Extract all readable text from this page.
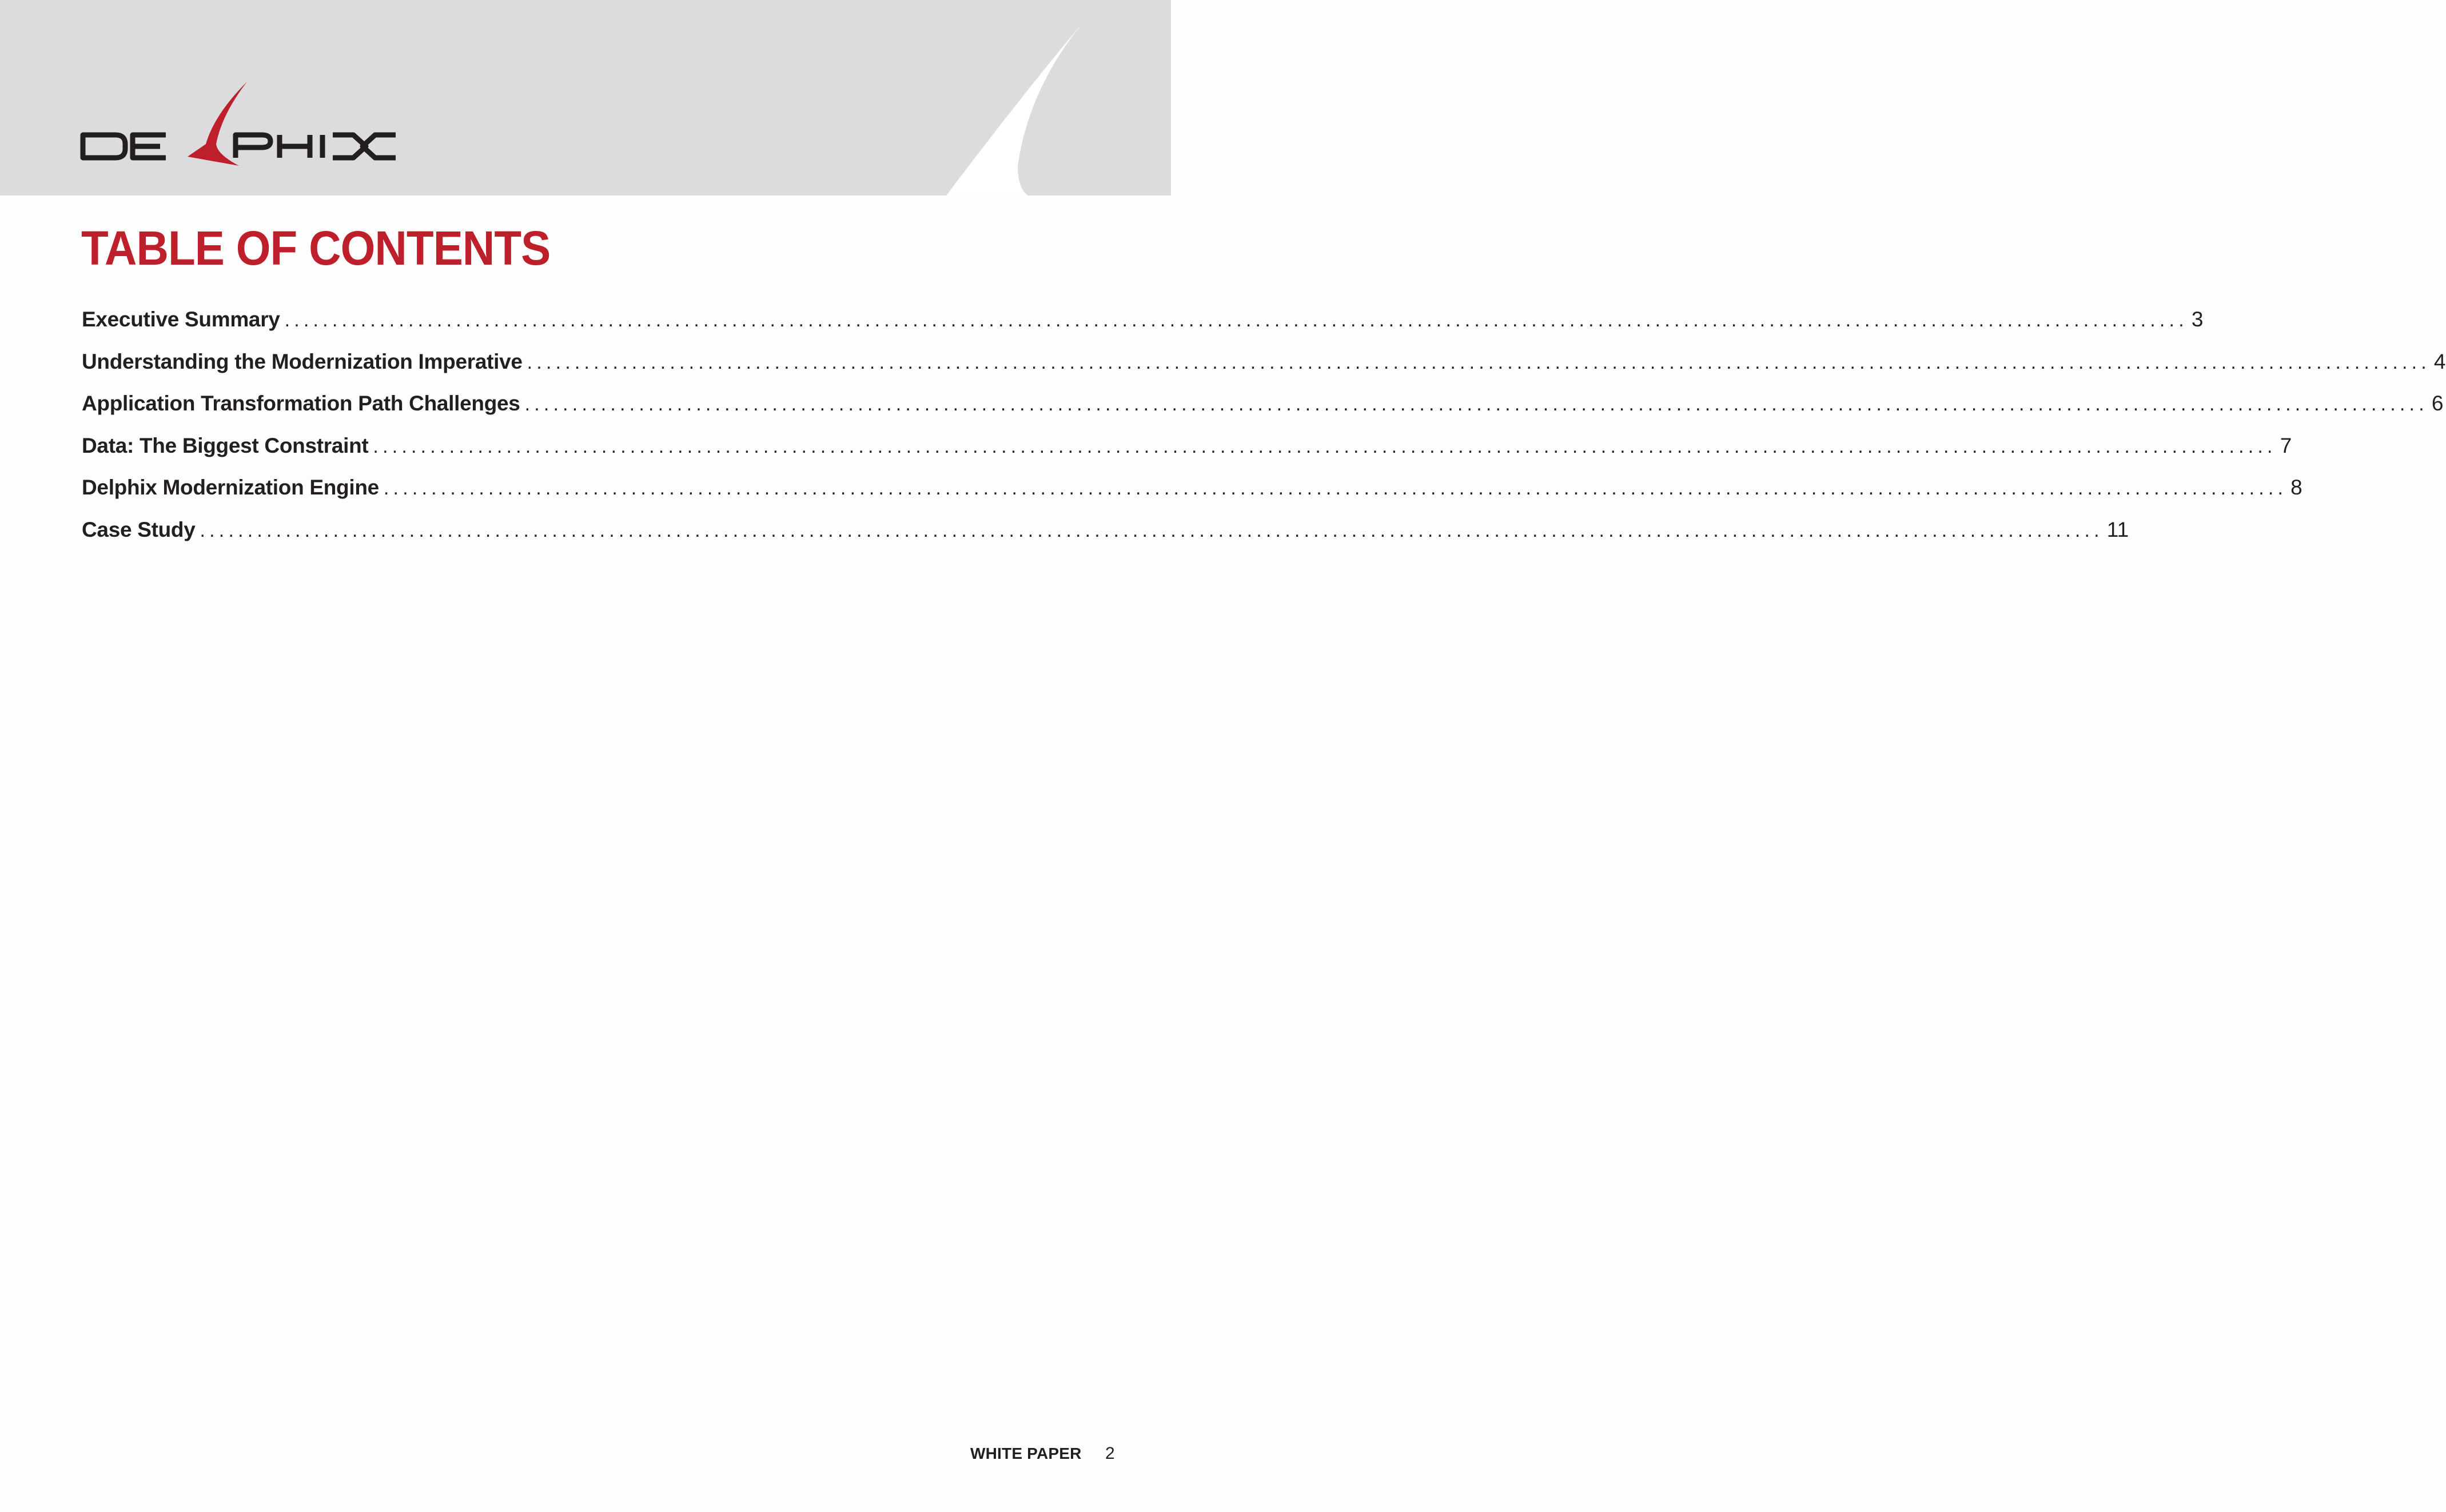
TABLE OF CONTENTS
Executive Summary ........................................................................................................................................................................................................ 3
Understanding the Modernization Imperative ........................................................................................................................................................................................................ 4
Application Transformation Path Challenges ........................................................................................................................................................................................................ 6
Data: The Biggest Constraint ........................................................................................................................................................................................................ 7
Delphix Modernization Engine ........................................................................................................................................................................................................ 8
Case Study ........................................................................................................................................................................................................ 11
WHITE PAPER 2
